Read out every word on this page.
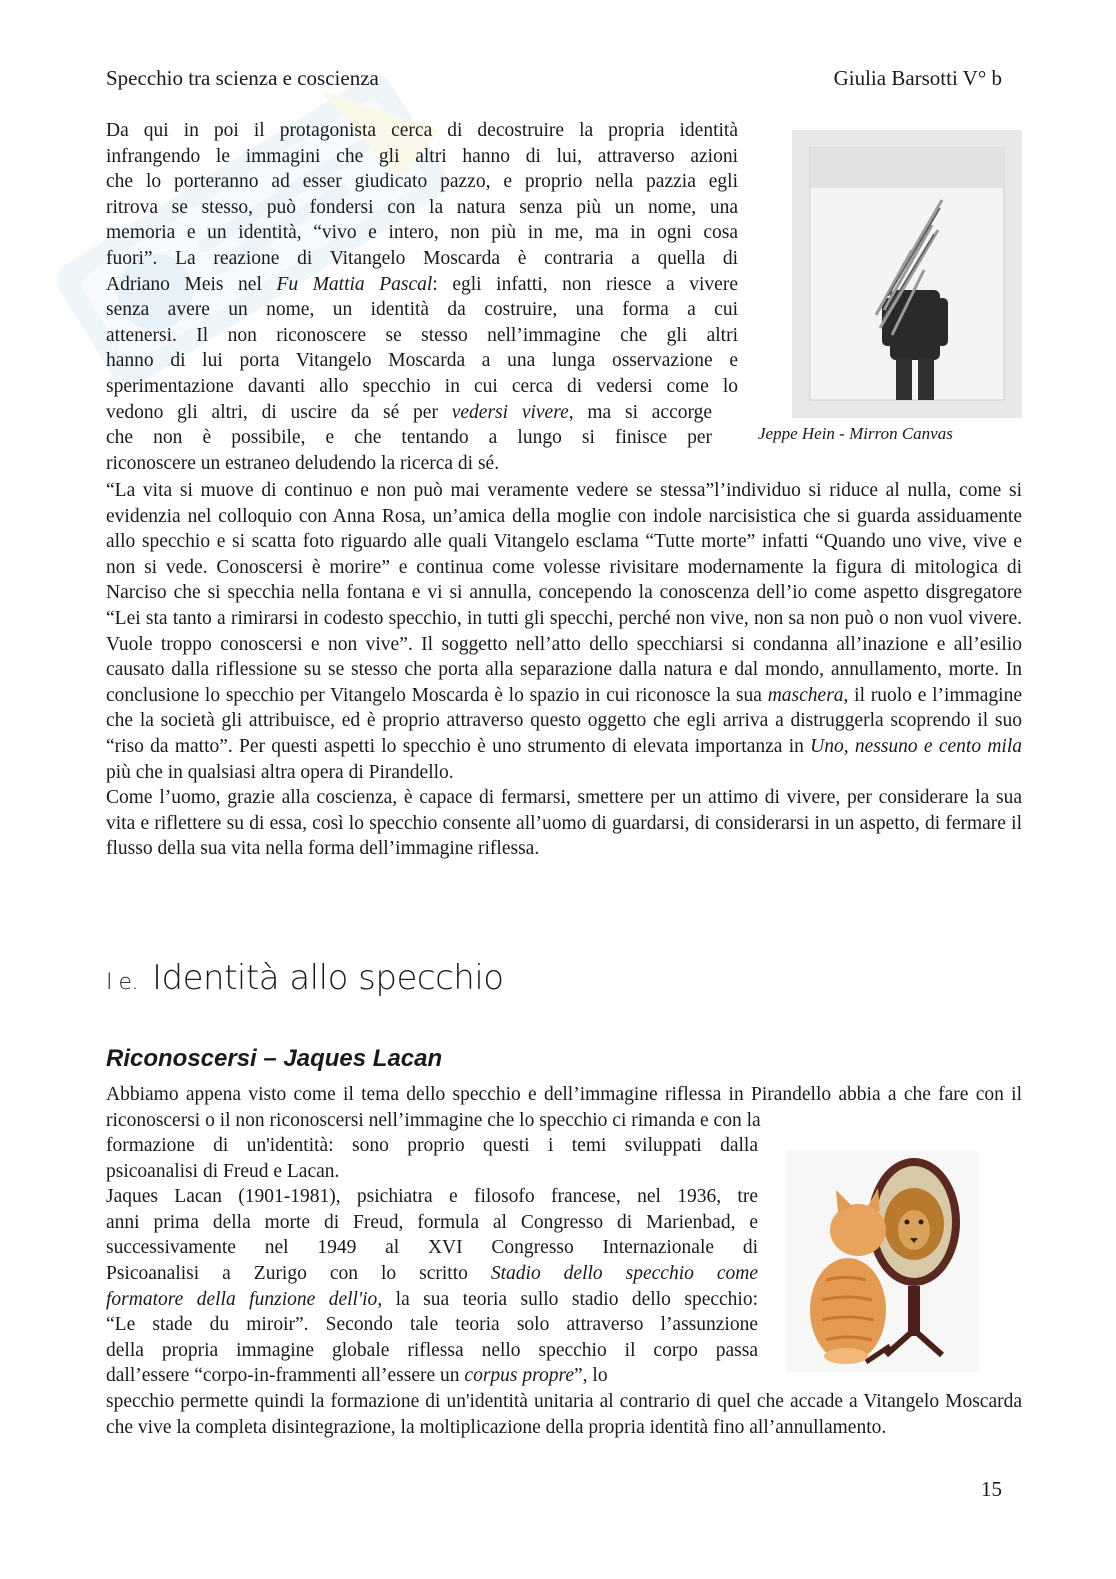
Specchio tra scienza e coscienza	Giulia Barsotti V° b
Da qui in poi il protagonista cerca di decostruire la propria identità
infrangendo le immagini che gli altri hanno di lui, attraverso azioni
che lo porteranno ad esser giudicato pazzo, e proprio nella pazzia egli
ritrova se stesso, può fondersi con la natura senza più un nome, una
memoria e un identità, “vivo e intero, non più in me, ma in ogni cosa
fuori”. La reazione di Vitangelo Moscarda è contraria a quella di
Adriano Meis nel Fu Mattia Pascal: egli infatti, non riesce a vivere
senza avere un nome, un identità da costruire, una forma a cui
attenersi. Il non riconoscere se stesso nell’immagine che gli altri
hanno di lui porta Vitangelo Moscarda a una lunga osservazione e
sperimentazione davanti allo specchio in cui cerca di vedersi come lo
vedono gli altri, di uscire da sé per vedersi vivere, ma si accorge
che non è possibile, e che tentando a lungo si finisce per
riconoscere un estraneo deludendo la ricerca di sé.
Jeppe Hein - Mirron Canvas

“La vita si muove di continuo e non può mai veramente vedere se stessa”l’individuo si riduce al nulla, come si evidenzia nel colloquio con Anna Rosa, un’amica della moglie con indole narcisistica che si guarda assiduamente allo specchio e si scatta foto riguardo alle quali Vitangelo esclama “Tutte morte” infatti “Quando uno vive, vive e non si vede. Conoscersi è morire” e continua come volesse rivisitare modernamente la figura di mitologica di Narciso che si specchia nella fontana e vi si annulla, concependo la conoscenza dell’io come aspetto disgregatore “Lei sta tanto a rimirarsi in codesto specchio, in tutti gli specchi, perché non vive, non sa non può o non vuol vivere. Vuole troppo conoscersi e non vive”. Il soggetto nell’atto dello specchiarsi si condanna all’inazione e all’esilio causato dalla riflessione su se stesso che porta alla separazione dalla natura e dal mondo, annullamento, morte. In conclusione lo specchio per Vitangelo Moscarda è lo spazio in cui riconosce la sua maschera, il ruolo e l’immagine che la società gli attribuisce, ed è proprio attraverso questo oggetto che egli arriva a distruggerla scoprendo il suo “riso da matto”. Per questi aspetti lo specchio è uno strumento di elevata importanza in Uno, nessuno e cento mila più che in qualsiasi altra opera di Pirandello.

Come l’uomo, grazie alla coscienza, è capace di fermarsi, smettere per un attimo di vivere, per considerare la sua vita e riflettere su di essa, così lo specchio consente all’uomo di guardarsi, di considerarsi in un aspetto, di fermare il flusso della sua vita nella forma dell’immagine riflessa.

I e. Identità allo specchio
Riconoscersi – Jaques Lacan
Abbiamo appena visto come il tema dello specchio e dell’immagine riflessa in Pirandello abbia a che fare con il riconoscersi o il non riconoscersi nell’immagine che lo specchio ci rimanda e con la
formazione di un'identità: sono proprio questi i temi sviluppati dalla
psicoanalisi di Freud e Lacan.
Jaques Lacan (1901-1981), psichiatra e filosofo francese, nel 1936, tre
anni prima della morte di Freud, formula al Congresso di Marienbad, e
successivamente nel 1949 al XVI Congresso Internazionale di
Psicoanalisi a Zurigo con lo scritto Stadio dello specchio come
formatore della funzione dell'io, la sua teoria sullo stadio dello specchio:
“Le stade du miroir”. Secondo tale teoria solo attraverso l’assunzione
della propria immagine globale riflessa nello specchio il corpo passa
dall’essere “corpo-in-frammenti all’essere un corpus propre”, lo
specchio permette quindi la formazione di un'identità unitaria al contrario di quel che accade a Vitangelo Moscarda che vive la completa disintegrazione, la moltiplicazione della propria identità fino all’annullamento.
15
